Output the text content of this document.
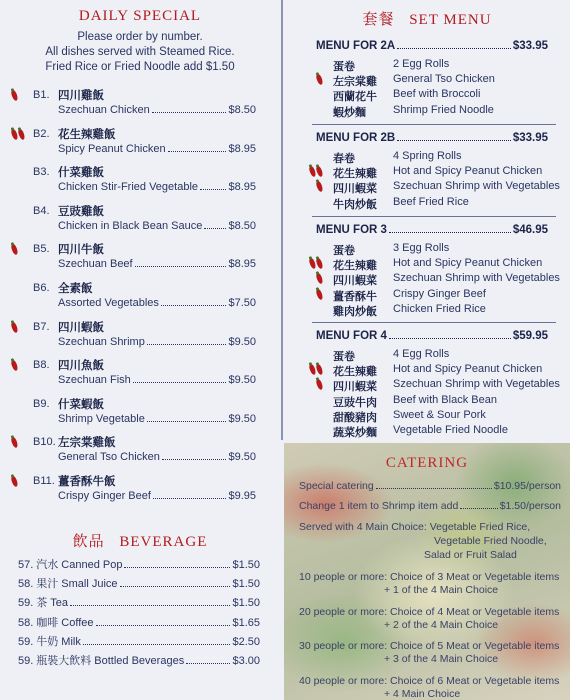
DAILY SPECIAL
Please order by number.
All dishes served with Steamed Rice.
Fried Rice or Fried Noodle add $1.50
B1. 四川雞飯
Szechuan Chicken	$8.50
B2. 花生辣雞飯
Spicy Peanut Chicken	$8.95
B3. 什菜雞飯
Chicken Stir-Fried Vegetable	$8.95
B4. 豆豉雞飯
Chicken in Black Bean Sauce $8.50
B5. 四川牛飯
Szechuan Beef	$8.95
B6. 全素飯
Assorted Vegetables	$7.50
B7. 四川蝦飯
Szechuan Shrimp	$9.50
B8. 四川魚飯
Szechuan Fish	$9.50
B9. 什菜蝦飯
Shrimp Vegetable	$9.50
B10. 左宗棠雞飯
General Tso Chicken	$9.50
B11. 薑香酥牛飯
Crispy Ginger Beef	$9.95
飲品 BEVERAGE
57. 汽水 Canned Pop	$1.50
58. 果汁 Small Juice	$1.50
59. 茶 Tea	$1.50
58. 咖啡 Coffee	$1.65
59. 牛奶 Milk	$2.50
59. 瓶裝大飲料 Bottled Beverages	$3.00
套餐 SET MENU
MENU FOR 2A	$33.95
蛋卷	2 Egg Rolls
左宗棠雞	General Tso Chicken
西蘭花牛	Beef with Broccoli
蝦炒麵	Shrimp Fried Noodle
MENU FOR 2B	$33.95
春卷	4 Spring Rolls
花生辣雞	Hot and Spicy Peanut Chicken
四川蝦菜	Szechuan Shrimp with Vegetables
牛肉炒飯	Beef Fried Rice
MENU FOR 3	$46.95
蛋卷	3 Egg Rolls
花生辣雞	Hot and Spicy Peanut Chicken
四川蝦菜	Szechuan Shrimp with Vegetables
薑香酥牛	Crispy Ginger Beef
雞肉炒飯	Chicken Fried Rice
MENU FOR 4	$59.95
蛋卷	4 Egg Rolls
花生辣雞	Hot and Spicy Peanut Chicken
四川蝦菜	Szechuan Shrimp with Vegetables
豆豉牛肉	Beef with Black Bean
甜酸豬肉	Sweet & Sour Pork
蔬菜炒麵	Vegetable Fried Noodle
CATERING
Special catering	$10.95/person
Change 1 item to Shrimp item add	$1.50/person
Served with 4 Main Choice: Vegetable Fried Rice,
Vegetable Fried Noodle,
Salad or Fruit Salad
10 people or more: Choice of 3 Meat or Vegetable items
+ 1 of the 4 Main Choice
20 people or more: Choice of 4 Meat or Vegetable items
+ 2 of the 4 Main Choice
30 people or more: Choice of 5 Meat or Vegetable items
+ 3 of the 4 Main Choice
40 people or more: Choice of 6 Meat or Vegetable items
+ 4 Main Choice
